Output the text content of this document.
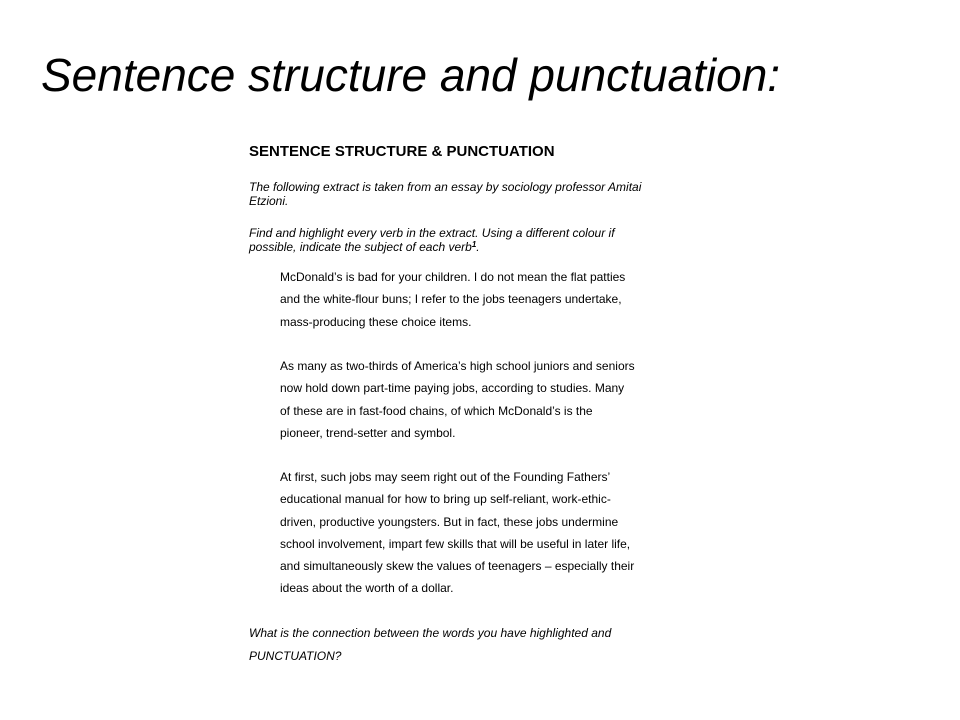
Sentence structure and punctuation:
SENTENCE STRUCTURE & PUNCTUATION

The following extract is taken from an essay by sociology professor Amitai
Etzioni.

Find and highlight every verb in the extract. Using a different colour if
possible, indicate the subject of each verb$^1$.

McDonald’s is bad for your children. I do not mean the flat patties
and the white-flour buns; I refer to the jobs teenagers undertake,
mass-producing these choice items.

As many as two-thirds of America’s high school juniors and seniors
now hold down part-time paying jobs, according to studies. Many
of these are in fast-food chains, of which McDonald’s is the
pioneer, trend-setter and symbol.

At first, such jobs may seem right out of the Founding Fathers’
educational manual for how to bring up self-reliant, work-ethic-
driven, productive youngsters. But in fact, these jobs undermine
school involvement, impart few skills that will be useful in later life,
and simultaneously skew the values of teenagers – especially their
ideas about the worth of a dollar.

What is the connection between the words you have highlighted and
PUNCTUATION?
